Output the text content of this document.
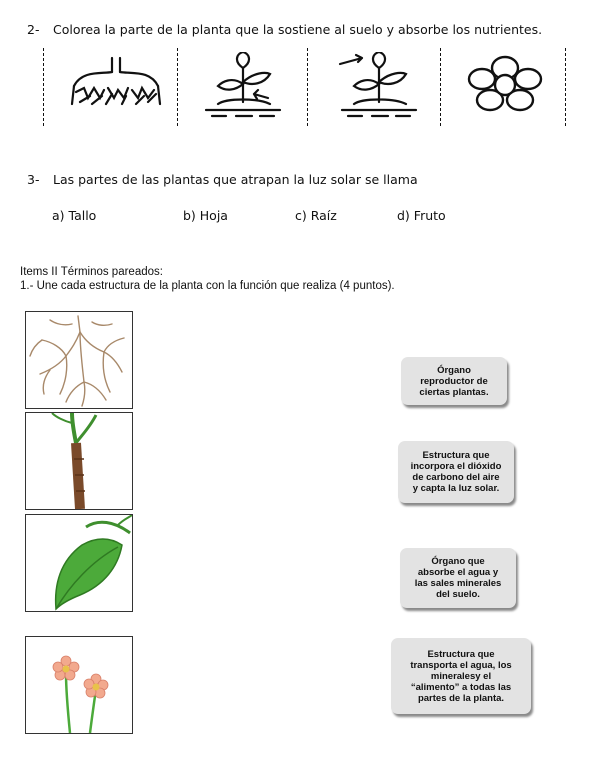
2- Colorea la parte de la planta que la sostiene al suelo y absorbe los nutrientes.
3- Las partes de las plantas que atrapan la luz solar se llama
a) Tallo	b) Hoja	c) Raíz	d) Fruto
Items II Términos pareados:
1.- Une cada estructura de la planta con la función que realiza (4 puntos).
Órgano
reproductor de
ciertas plantas.
Estructura que
incorpora el dióxido
de carbono del aire
y capta la luz solar.
Órgano que
absorbe el agua y
las sales minerales
del suelo.
Estructura que
transporta el agua, los
mineralesy el
“alimento” a todas las
partes de la planta.
